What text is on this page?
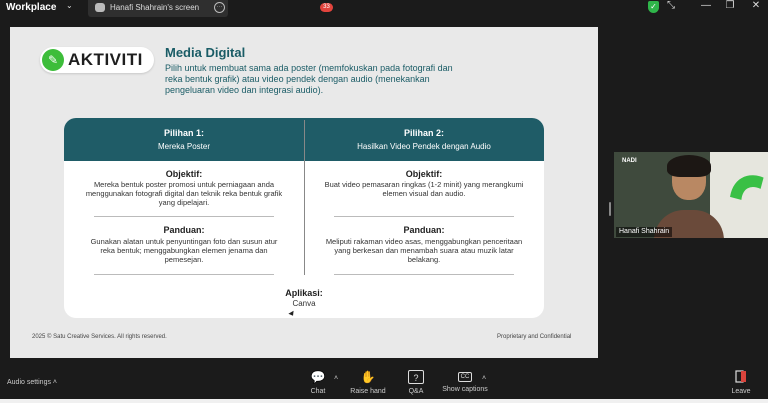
Workplace ⌄	Hanafi Shahrain's screen	···	✓	⤡	—	❐	✕
✎ AKTIVITI Media Digital
Pilih untuk membuat sama ada poster (memfokuskan pada fotografi dan reka bentuk grafik) atau video pendek dengan audio (menekankan pengeluaran video dan integrasi audio).
Pilihan 1:
Mereka Poster
Pilihan 2:
Hasilkan Video Pendek dengan Audio
Objektif:
Mereka bentuk poster promosi untuk perniagaan anda menggunakan fotografi digital dan teknik reka bentuk grafik yang dipelajari.
Panduan:
Gunakan alatan untuk penyuntingan foto dan susun atur reka bentuk; menggabungkan elemen jenama dan pemesejan.
Objektif:
Buat video pemasaran ringkas (1-2 minit) yang merangkumi elemen visual dan audio.
Panduan:
Meliputi rakaman video asas, menggabungkan penceritaan yang berkesan dan menambah suara atau muzik latar belakang.
Aplikasi:
Canva
2025 © Satu Creative Services. All rights reserved.	Proprietary and Confidential
NADI
Hanafi Shahrain
Audio settings ˄	💬
Chat
˄ ✋
Raise hand
?
Q&A
CC
Show captions
˄
Leave
33
